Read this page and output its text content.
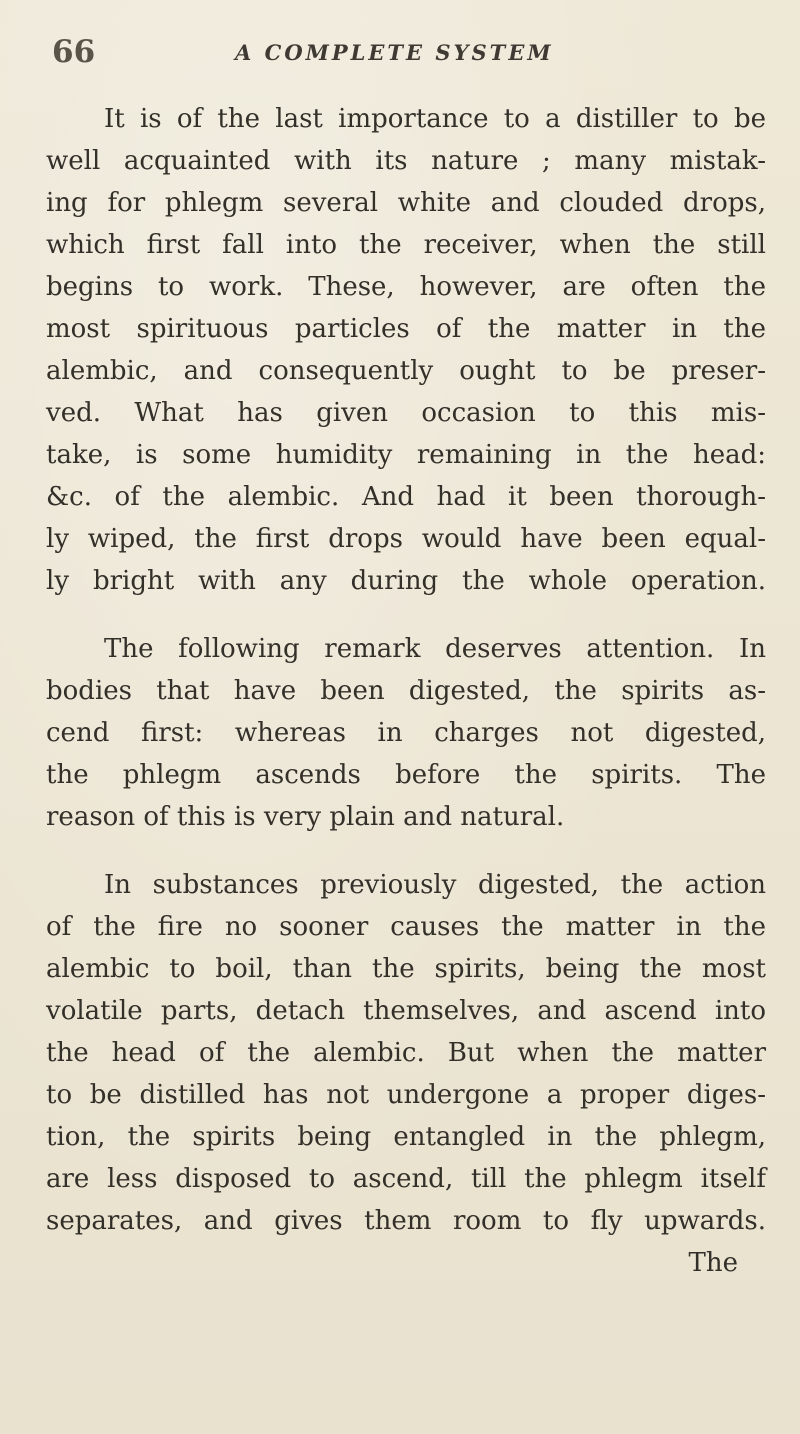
66	A COMPLETE SYSTEM
It is of the last importance to a distiller to be
well acquainted with its nature ; many mistak-
ing for phlegm several white and clouded drops,
which first fall into the receiver, when the still
begins to work. These, however, are often the
most spirituous particles of the matter in the
alembic, and consequently ought to be preser-
ved. What has given occasion to this mis-
take, is some humidity remaining in the head:
&c. of the alembic. And had it been thorough-
ly wiped, the first drops would have been equal-
ly bright with any during the whole operation.
The following remark deserves attention. In
bodies that have been digested, the spirits as-
cend first: whereas in charges not digested,
the phlegm ascends before the spirits. The
reason of this is very plain and natural.
In substances previously digested, the action
of the fire no sooner causes the matter in the
alembic to boil, than the spirits, being the most
volatile parts, detach themselves, and ascend into
the head of the alembic. But when the matter
to be distilled has not undergone a proper diges-
tion, the spirits being entangled in the phlegm,
are less disposed to ascend, till the phlegm itself
separates, and gives them room to fly upwards.
The
